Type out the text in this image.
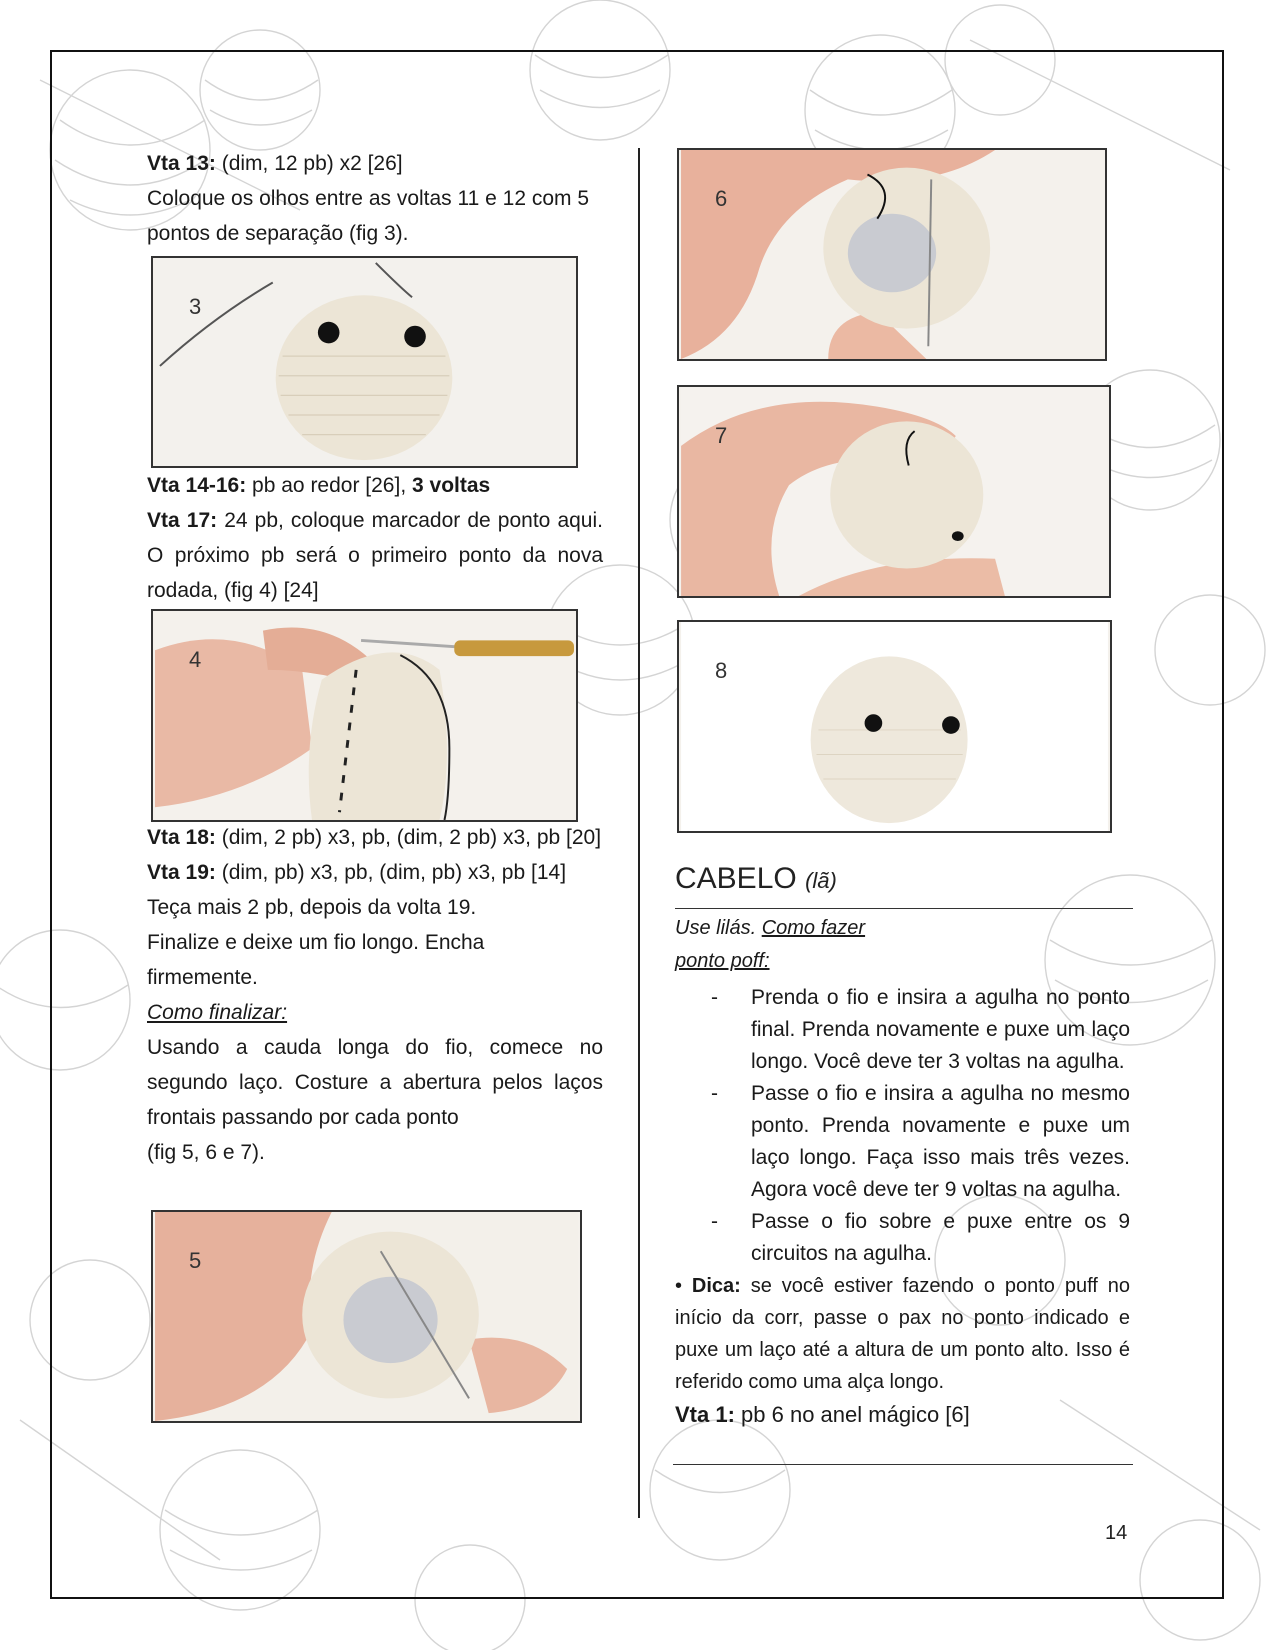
Vta 13: (dim, 12 pb) x2 [26]

Coloque os olhos entre as voltas 11 e 12 com 5 pontos de separação (fig 3).

3

Vta 14-16: pb ao redor [26], 3 voltas

Vta 17: 24 pb, coloque marcador de ponto aqui. O próximo pb será o primeiro ponto da nova rodada, (fig 4) [24]

4

Vta 18: (dim, 2 pb) x3, pb, (dim, 2 pb) x3, pb [20]

Vta 19: (dim, pb) x3, pb, (dim, pb) x3, pb [14]

Teça mais 2 pb, depois da volta 19.

Finalize e deixe um fio longo. Encha firmemente.

Como finalizar:

Usando a cauda longa do fio, comece no segundo laço. Costure a abertura pelos laços frontais passando por cada ponto

(fig 5, 6 e 7).

5
6
7
8
CABELO (lã)

Use lilás. Como fazer ponto poff:

- Prenda o fio e insira a agulha no ponto final. Prenda novamente e puxe um laço longo. Você deve ter 3 voltas na agulha.
- Passe o fio e insira a agulha no mesmo ponto. Prenda novamente e puxe um laço longo. Faça isso mais três vezes. Agora você deve ter 9 voltas na agulha.
- Passe o fio sobre e puxe entre os 9 circuitos na agulha.

• Dica: se você estiver fazendo o ponto puff no início da corr, passe o pax no ponto indicado e puxe um laço até a altura de um ponto alto. Isso é referido como uma alça longo.

Vta 1: pb 6 no anel mágico [6]

14
